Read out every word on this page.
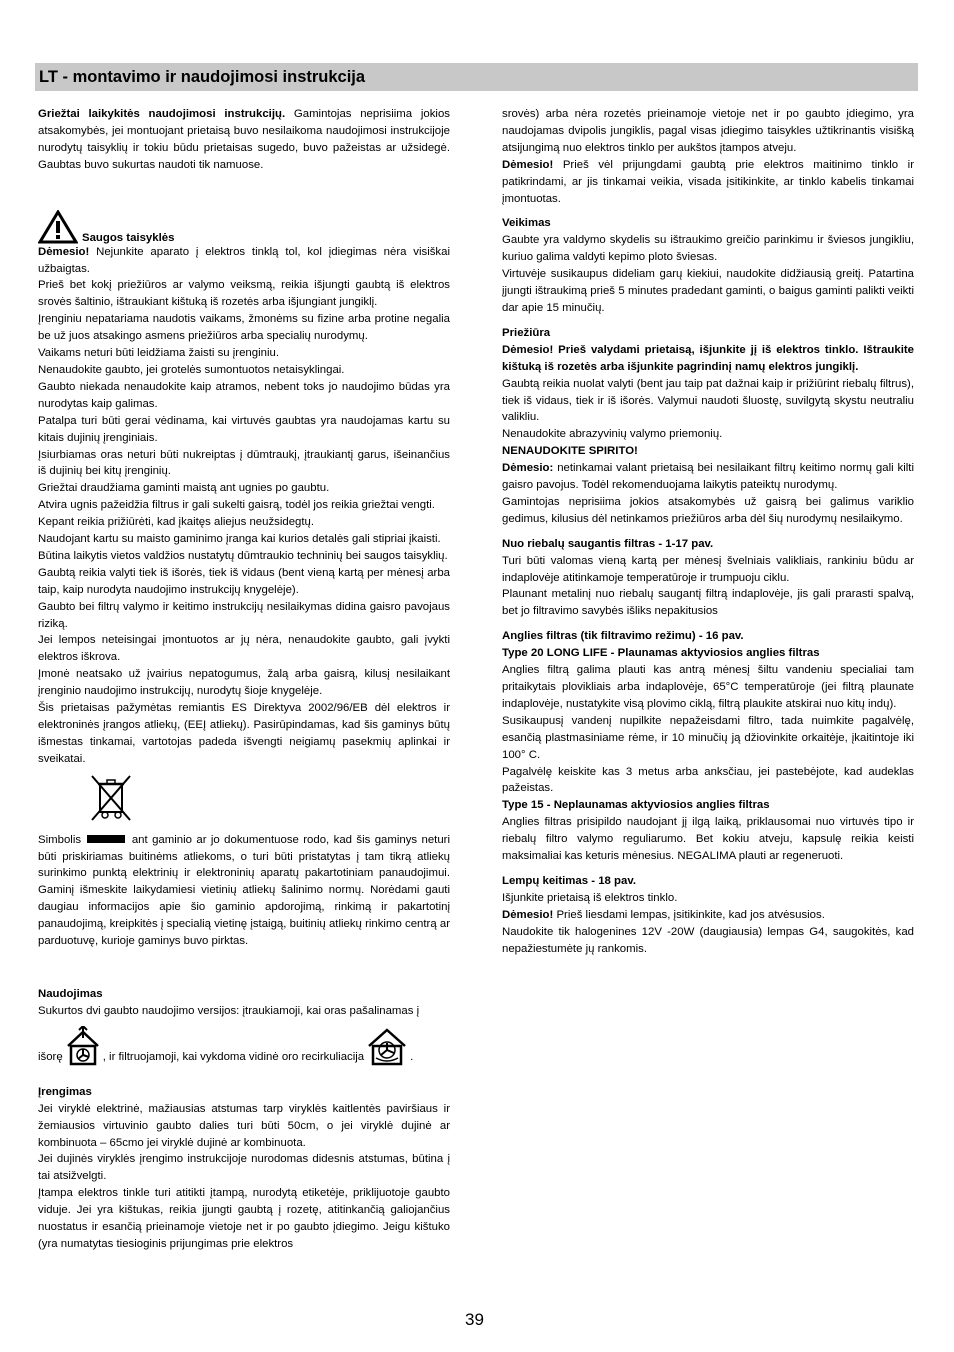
LT - montavimo ir naudojimosi instrukcija

Griežtai laikykitės naudojimosi instrukcijų. Gamintojas neprisiima jokios atsakomybės, jei montuojant prietaisą buvo nesilaikoma naudojimosi instrukcijoje nurodytų taisyklių ir tokiu būdu prietaisas sugedo, buvo pažeistas ar užsidegė. Gaubtas buvo sukurtas naudoti tik namuose.

Saugos taisyklės

Dėmesio! Nejunkite aparato į elektros tinklą tol, kol įdiegimas nėra visiškai užbaigtas.

Prieš bet kokį priežiūros ar valymo veiksmą, reikia išjungti gaubtą iš elektros srovės šaltinio, ištraukiant kištuką iš rozetės arba išjungiant jungiklį.

Įrenginiu nepatariama naudotis vaikams, žmonėms su fizine arba protine negalia be už juos atsakingo asmens priežiūros arba specialių nurodymų.

Vaikams neturi būti leidžiama žaisti su įrenginiu.

Nenaudokite gaubto, jei grotelės sumontuotos netaisyklingai.

Gaubto niekada nenaudokite kaip atramos, nebent toks jo naudojimo būdas yra nurodytas kaip galimas.

Patalpa turi būti gerai vėdinama, kai virtuvės gaubtas yra naudojamas kartu su kitais dujinių įrenginiais.

Įsiurbiamas oras neturi būti nukreiptas į dūmtraukį, įtraukiantį garus, išeinančius iš dujinių bei kitų įrenginių.

Griežtai draudžiama gaminti maistą ant ugnies po gaubtu.

Atvira ugnis pažeidžia filtrus ir gali sukelti gaisrą, todėl jos reikia griežtai vengti.

Kepant reikia prižiūrėti, kad įkaitęs aliejus neužsidegtų.

Naudojant kartu su maisto gaminimo įranga kai kurios detalės gali stipriai įkaisti.

Būtina laikytis vietos valdžios nustatytų dūmtraukio techninių bei saugos taisyklių.

Gaubtą reikia valyti tiek iš išorės, tiek iš vidaus (bent vieną kartą per mėnesį arba taip, kaip nurodyta naudojimo instrukcijų knygelėje).

Gaubto bei filtrų valymo ir keitimo instrukcijų nesilaikymas didina gaisro pavojaus riziką.

Jei lempos neteisingai įmontuotos ar jų nėra, nenaudokite gaubto, gali įvykti elektros iškrova.

Įmonė neatsako už įvairius nepatogumus, žalą arba gaisrą, kilusį nesilaikant įrenginio naudojimo instrukcijų, nurodytų šioje knygelėje.

Šis prietaisas pažymėtas remiantis ES Direktyva 2002/96/EB dėl elektros ir elektroninės įrangos atliekų, (EEĮ atliekų). Pasirūpindamas, kad šis gaminys būtų išmestas tinkamai, vartotojas padeda išvengti neigiamų pasekmių aplinkai ir sveikatai.

Simbolis	ant gaminio ar jo dokumentuose rodo, kad šis gaminys neturi būti priskiriamas buitinėms atliekoms, o turi būti pristatytas į tam tikrą atliekų surinkimo punktą elektrinių ir elektroninių aparatų pakartotiniam panaudojimui. Gaminį išmeskite laikydamiesi vietinių atliekų šalinimo normų. Norėdami gauti daugiau informacijos apie šio gaminio apdorojimą, rinkimą ir pakartotinį panaudojimą, kreipkitės į specialią vietinę įstaigą, buitinių atliekų rinkimo centrą ar parduotuvę, kurioje gaminys buvo pirktas.

Naudojimas

Sukurtos dvi gaubto naudojimo versijos: įtraukiamoji, kai oras pašalinamas į

išorę	, ir filtruojamoji, kai vykdoma vidinė oro recirkuliacija	.

Įrengimas

Jei viryklė elektrinė, mažiausias atstumas tarp viryklės kaitlentės paviršiaus ir žemiausios virtuvinio gaubto dalies turi būti 50cm, o jei viryklė dujinė ar kombinuota – 65cmo jei viryklė dujinė ar kombinuota.

Jei dujinės viryklės įrengimo instrukcijoje nurodomas didesnis atstumas, būtina į tai atsižvelgti.

Įtampa elektros tinkle turi atitikti įtampą, nurodytą etiketėje, priklijuotoje gaubto viduje. Jei yra kištukas, reikia įjungti gaubtą į rozetę, atitinkančią galiojančius nuostatus ir esančią prieinamoje vietoje net ir po gaubto įdiegimo. Jeigu kištuko (yra numatytas tiesioginis prijungimas prie elektros

srovės) arba nėra rozetės prieinamoje vietoje net ir po gaubto įdiegimo, yra naudojamas dvipolis jungiklis, pagal visas įdiegimo taisykles užtikrinantis visišką atsijungimą nuo elektros tinklo per aukštos įtampos atveju.

Dėmesio! Prieš vėl prijungdami gaubtą prie elektros maitinimo tinklo ir patikrindami, ar jis tinkamai veikia, visada įsitikinkite, ar tinklo kabelis tinkamai įmontuotas.

Veikimas

Gaubte yra valdymo skydelis su ištraukimo greičio parinkimu ir šviesos jungikliu, kuriuo galima valdyti kepimo ploto šviesas.

Virtuvėje susikaupus dideliam garų kiekiui, naudokite didžiausią greitį. Patartina įjungti ištraukimą prieš 5 minutes pradedant gaminti, o baigus gaminti palikti veikti dar apie 15 minučių.

Priežiūra

Dėmesio! Prieš valydami prietaisą, išjunkite jį iš elektros tinklo. Ištraukite kištuką iš rozetės arba išjunkite pagrindinį namų elektros jungiklį.

Gaubtą reikia nuolat valyti (bent jau taip pat dažnai kaip ir prižiūrint riebalų filtrus), tiek iš vidaus, tiek ir iš išorės. Valymui naudoti šluostę, suvilgytą skystu neutraliu valikliu.

Nenaudokite abrazyvinių valymo priemonių.

NENAUDOKITE SPIRITO!

Dėmesio: netinkamai valant prietaisą bei nesilaikant filtrų keitimo normų gali kilti gaisro pavojus. Todėl rekomenduojama laikytis pateiktų nurodymų.

Gamintojas neprisiima jokios atsakomybės už gaisrą bei galimus variklio gedimus, kilusius dėl netinkamos priežiūros arba dėl šių nurodymų nesilaikymo.

Nuo riebalų saugantis filtras - 1-17 pav.

Turi būti valomas vieną kartą per mėnesį švelniais valikliais, rankiniu būdu ar indaplovėje atitinkamoje temperatūroje ir trumpuoju ciklu.

Plaunant metalinį nuo riebalų saugantį filtrą indaplovėje, jis gali prarasti spalvą, bet jo filtravimo savybės išliks nepakitusios

Anglies filtras (tik filtravimo režimu) - 16 pav.

Type 20 LONG LIFE - Plaunamas aktyviosios anglies filtras

Anglies filtrą galima plauti kas antrą mėnesį šiltu vandeniu specialiai tam pritaikytais plovikliais arba indaplovėje, 65°C temperatūroje (jei filtrą plaunate indaplovėje, nustatykite visą plovimo ciklą, filtrą plaukite atskirai nuo kitų indų).

Susikaupusį vandenį nupilkite nepažeisdami filtro, tada nuimkite pagalvėlę, esančią plastmasiniame rėme, ir 10 minučių ją džiovinkite orkaitėje, įkaitintoje iki 100° C.

Pagalvėlę keiskite kas 3 metus arba anksčiau, jei pastebėjote, kad audeklas pažeistas.

Type 15 - Neplaunamas aktyviosios anglies filtras

Anglies filtras prisipildo naudojant jį ilgą laiką, priklausomai nuo virtuvės tipo ir riebalų filtro valymo reguliarumo. Bet kokiu atveju, kapsulę reikia keisti maksimaliai kas keturis mėnesius. NEGALIMA plauti ar regeneruoti.

Lempų keitimas - 18 pav.

Išjunkite prietaisą iš elektros tinklo.

Dėmesio! Prieš liesdami lempas, įsitikinkite, kad jos atvėsusios.

Naudokite tik halogenines 12V -20W (daugiausia) lempas G4, saugokitės, kad nepažiestumėte jų rankomis.

39
